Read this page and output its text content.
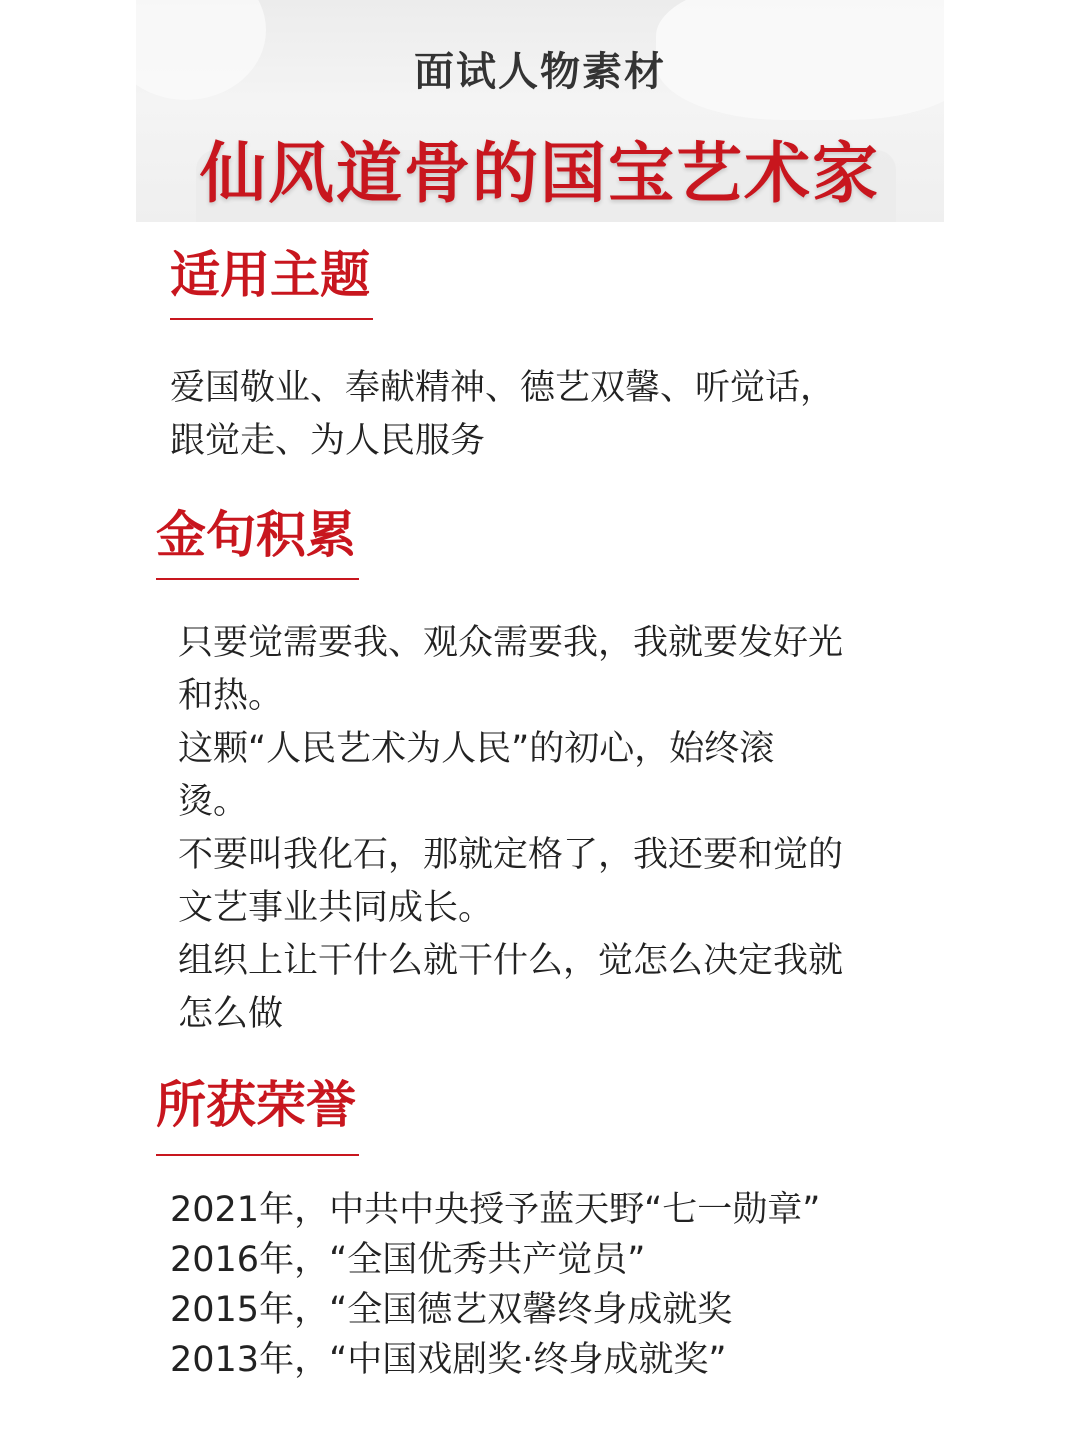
面试人物素材
仙风道骨的国宝艺术家
适用主题
爱国敬业、奉献精神、德艺双馨、听觉话，
跟觉走、为人民服务
金句积累
只要觉需要我、观众需要我，我就要发好光
和热。
这颗“人民艺术为人民”的初心，始终滚
烫。
不要叫我化石，那就定格了，我还要和觉的
文艺事业共同成长。
组织上让干什么就干什么，觉怎么决定我就
怎么做
所获荣誉
2021年，中共中央授予蓝天野“七一勋章”
2016年，“全国优秀共产觉员”
2015年，“全国德艺双馨终身成就奖
2013年，“中国戏剧奖·终身成就奖”
